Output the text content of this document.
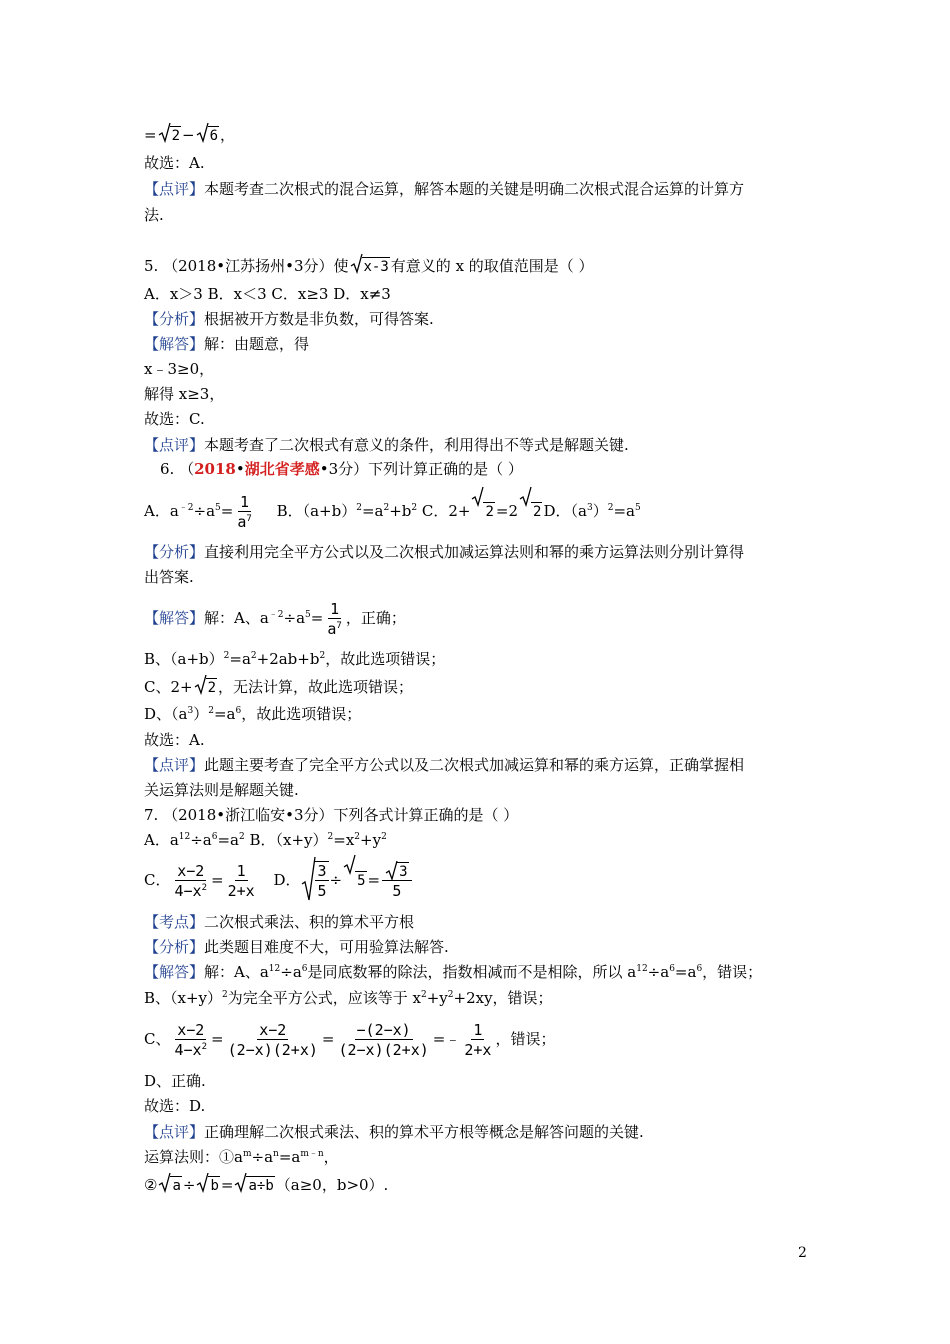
= 2 − 6 ，
故选：A.
【点评】本题考查二次根式的混合运算，解答本题的关键是明确二次根式混合运算的计算方
法.
5. （2018•江苏扬州•3分）使 x-3 有意义的 x 的取值范围是（ ）
A．x＞3 B．x＜3 C．x≥3 D．x≠3
【分析】根据被开方数是非负数，可得答案.
【解答】解：由题意，得
x﹣3≥0，
解得 x≥3，
故选：C.
【点评】本题考查了二次根式有意义的条件，利用得出不等式是解题关键.
6. （2018•湖北省孝感•3分）下列计算正确的是（ ）
A．$a^{﹣2}\div a^5= \frac{1}{a^7}$ B．$(a+b)^2=a^2+b^2$ C．2+ 2 =2 2 D．$(a^3)^2=a^5$
【分析】直接利用完全平方公式以及二次根式加减运算法则和幂的乘方运算法则分别计算得
出答案.
【解答】解：A、$a^{﹣2}\div a^5= \frac{1}{a^7}$ ，正确；
B、$(a+b)^2=a^2+2ab+b^2$，故此选项错误；
C、2+ 2 ，无法计算，故此选项错误；
D、$(a^3)^2=a^6$，故此选项错误；
故选：A.
【点评】此题主要考查了完全平方公式以及二次根式加减运算和幂的乘方运算，正确掌握相
关运算法则是解题关键.
7. （2018•浙江临安•3分）下列各式计算正确的是（ ）
A．$a^{12}\div a^6=a^2$ B．$(x+y)^2=x^2+y^2$
C． $\frac{x-2}{4-x^2} = \frac{1}{2+x}$ D． $\frac{3}{5} \div 5 = \frac{3}{5}$
【考点】二次根式乘法、积的算术平方根
【分析】此类题目难度不大，可用验算法解答.
【解答】解：A、$a^{12}\div a^6$是同底数幂的除法，指数相减而不是相除，所以 $a^{12}\div a^6=a^6$，错误；
B、$(x+y)^2$为完全平方公式，应该等于 $x^2+y^2+2xy$，错误；
C、 $\frac{x-2}{4-x^2} = \frac{x-2}{(2-x)(2+x)} = \frac{-(2-x)}{(2-x)(2+x)}$ =﹣ $\frac{1}{2+x}$ ，错误；
D、正确.
故选：D.
【点评】正确理解二次根式乘法、积的算术平方根等概念是解答问题的关键.
运算法则：$①a^m\div a^n=a^{m﹣n}$，
② a ÷ b = a÷b （a≥0，b>0）.
2
